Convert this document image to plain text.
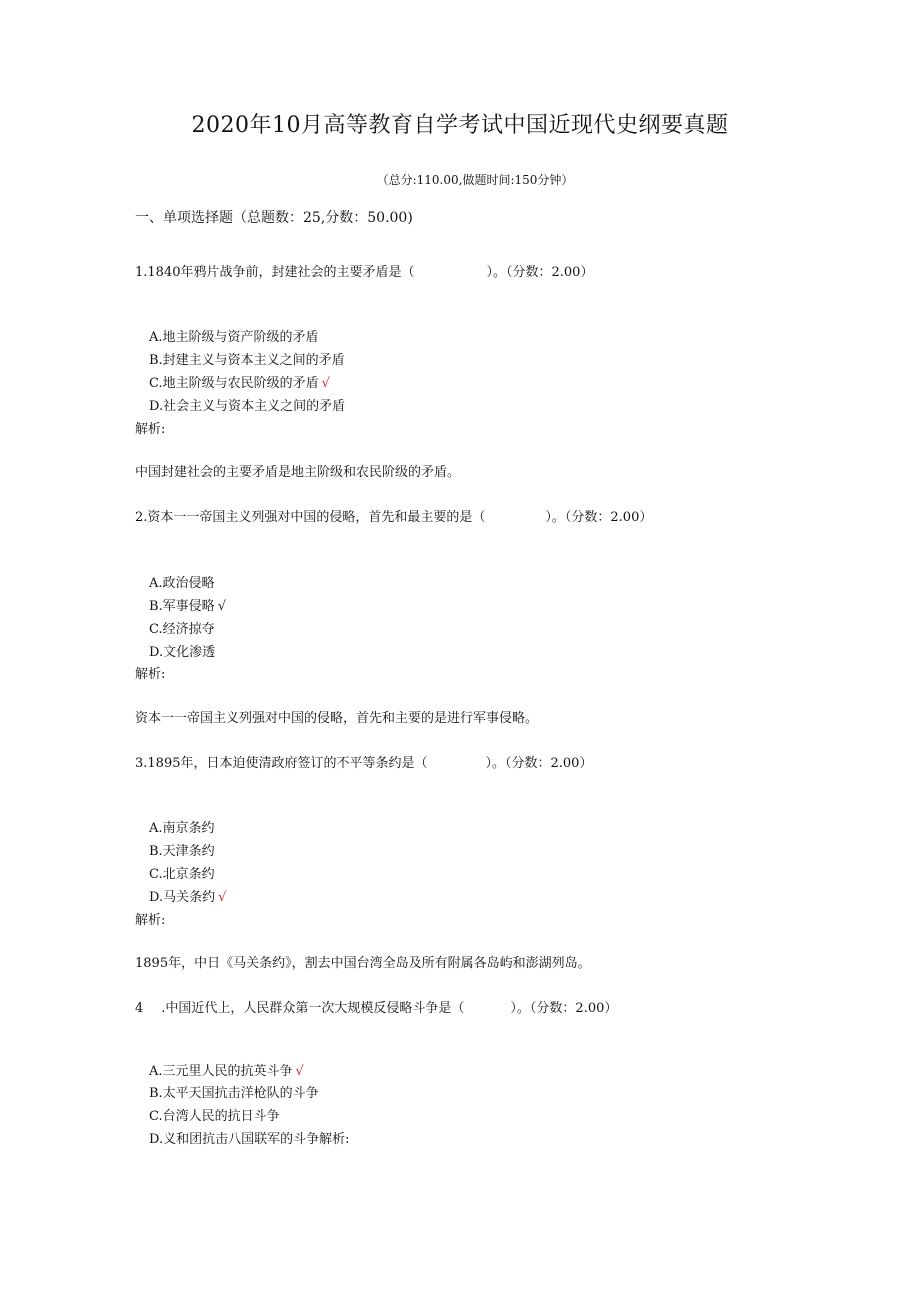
2020年10月高等教育自学考试中国近现代史纲要真题
（总分:110.00,做题时间:150分钟）
一、单项选择题（总题数：25,分数：50.00)
1.1840年鸦片战争前，封建社会的主要矛盾是（	）。（分数：2.00）
A.地主阶级与资产阶级的矛盾
B.封建主义与资本主义之间的矛盾
C.地主阶级与农民阶级的矛盾 √
D.社会主义与资本主义之间的矛盾
解析:
中国封建社会的主要矛盾是地主阶级和农民阶级的矛盾。
2.资本一一帝国主义列强对中国的侵略，首先和最主要的是（	）。（分数：2.00）
A.政治侵略
B.军事侵略 √
C.经济掠夺
D.文化渗透
解析:
资本一一帝国主义列强对中国的侵略，首先和主要的是进行军事侵略。
3.1895年，日本迫使清政府签订的不平等条约是（	）。（分数：2.00）
A.南京条约
B.天津条约
C.北京条约
D.马关条约 √
解析:
1895年，中日《马关条约》，割去中国台湾全岛及所有附属各岛屿和澎湖列岛。
4 .中国近代上，人民群众第一次大规模反侵略斗争是（	）。（分数：2.00）
A.三元里人民的抗英斗争 √
B.太平天国抗击洋枪队的斗争
C.台湾人民的抗日斗争
D.义和团抗击八国联军的斗争解析:
